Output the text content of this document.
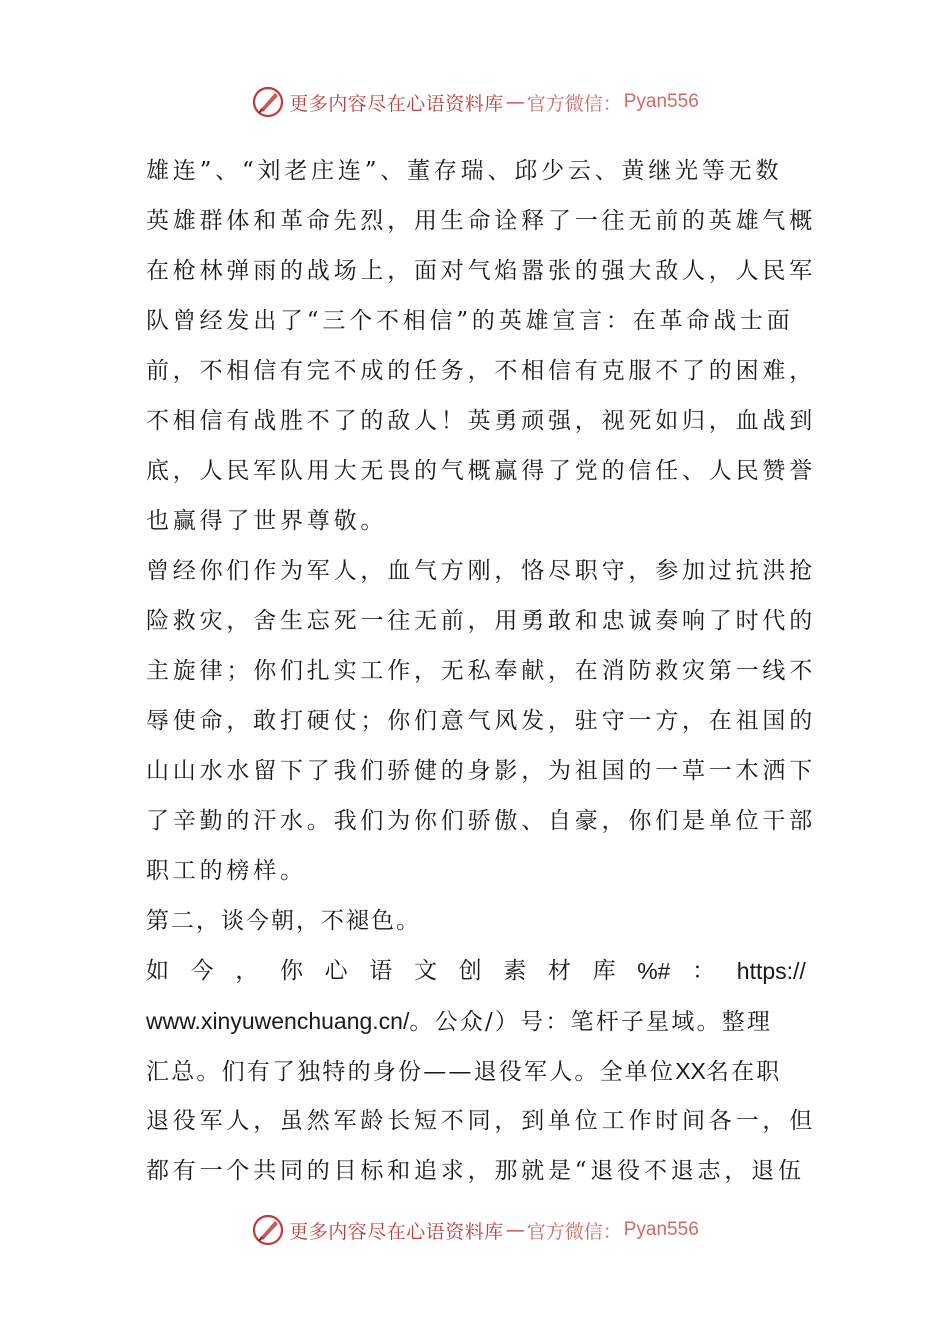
更多内容尽在心语资料库 — 官方微信： Pyan556
雄连”、“刘老庄连”、董存瑞、邱少云、黄继光等无数
英雄群体和革命先烈，用生命诠释了一往无前的英雄气概
在枪林弹雨的战场上，面对气焰嚣张的强大敌人，人民军
队曾经发出了“三个不相信”的英雄宣言：在革命战士面
前，不相信有完不成的任务，不相信有克服不了的困难，
不相信有战胜不了的敌人！英勇顽强，视死如归，血战到
底，人民军队用大无畏的气概赢得了党的信任、人民赞誉
也赢得了世界尊敬。
曾经你们作为军人，血气方刚，恪尽职守，参加过抗洪抢
险救灾，舍生忘死一往无前，用勇敢和忠诚奏响了时代的
主旋律；你们扎实工作，无私奉献，在消防救灾第一线不
辱使命，敢打硬仗；你们意气风发，驻守一方，在祖国的
山山水水留下了我们骄健的身影，为祖国的一草一木洒下
了辛勤的汗水。我们为你们骄傲、自豪，你们是单位干部
职工的榜样。
第二，谈今朝，不褪色。
如 今 ， 你 心 语 文 创 素 材 库 %# ： https://
www.xinyuwenchuang.cn/。公众/）号：笔杆子星域。整理
汇总。们有了独特的身份——退役军人。全单位XX名在职
退役军人，虽然军龄长短不同，到单位工作时间各一，但
都有一个共同的目标和追求，那就是“退役不退志，退伍
更多内容尽在心语资料库 — 官方微信： Pyan556
